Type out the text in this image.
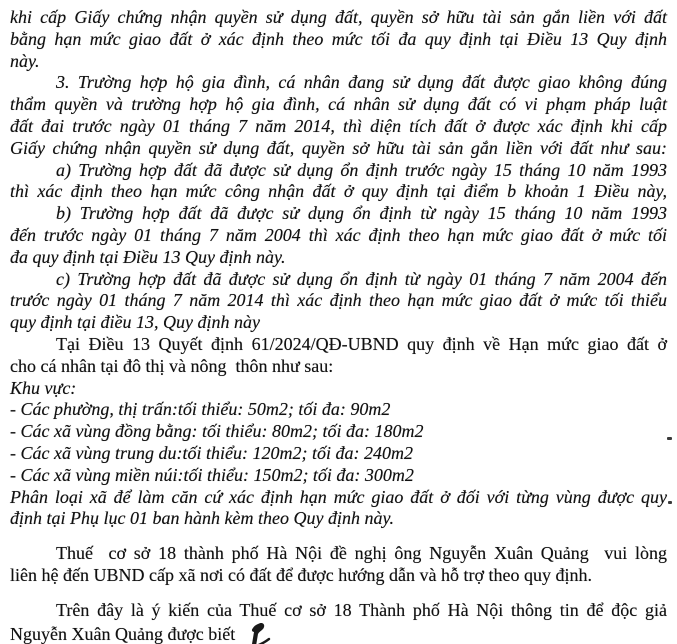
khi cấp Giấy chứng nhận quyền sử dụng đất, quyền sở hữu tài sản gắn liền với đất
bằng hạn mức giao đất ở xác định theo mức tối đa quy định tại Điều 13 Quy định
này.
3. Trường hợp hộ gia đình, cá nhân đang sử dụng đất được giao không đúng
thẩm quyền và trường hợp hộ gia đình, cá nhân sử dụng đất có vi phạm pháp luật
đất đai trước ngày 01 tháng 7 năm 2014, thì diện tích đất ở được xác định khi cấp
Giấy chứng nhận quyền sử dụng đất, quyền sở hữu tài sản gắn liền với đất như sau:
a) Trường hợp đất đã được sử dụng ổn định trước ngày 15 tháng 10 năm 1993
thì xác định theo hạn mức công nhận đất ở quy định tại điểm b khoản 1 Điều này,
b) Trường hợp đất đã được sử dụng ổn định từ ngày 15 tháng 10 năm 1993
đến trước ngày 01 tháng 7 năm 2004 thì xác định theo hạn mức giao đất ở mức tối
đa quy định tại Điều 13 Quy định này.
c) Trường hợp đất đã được sử dụng ổn định từ ngày 01 tháng 7 năm 2004 đến
trước ngày 01 tháng 7 năm 2014 thì xác định theo hạn mức giao đất ở mức tối thiểu
quy định tại điều 13, Quy định này
Tại Điều 13 Quyết định 61/2024/QĐ-UBND quy định về Hạn mức giao đất ở
cho cá nhân tại đô thị và nông  thôn như sau:
Khu vực:
- Các phường, thị trấn: tối thiểu: 50m2; tối đa: 90m2
- Các xã vùng đồng bằng: tối thiểu: 80m2; tối đa: 180m2
- Các xã vùng trung du: tối thiểu: 120m2; tối đa: 240m2
- Các xã vùng miền núi: tối thiểu: 150m2; tối đa: 300m2
Phân loại xã để làm căn cứ xác định hạn mức giao đất ở đối với từng vùng được quy
định tại Phụ lục 01 ban hành kèm theo Quy định này.
Thuế  cơ sở 18 thành phố Hà Nội đề nghị ông Nguyễn Xuân Quảng  vui lòng
liên hệ đến UBND cấp xã nơi có đất để được hướng dẫn và hỗ trợ theo quy định.
Trên đây là ý kiến của Thuế cơ sở 18 Thành phố Hà Nội thông tin để độc giả
Nguyễn Xuân Quảng được biết
